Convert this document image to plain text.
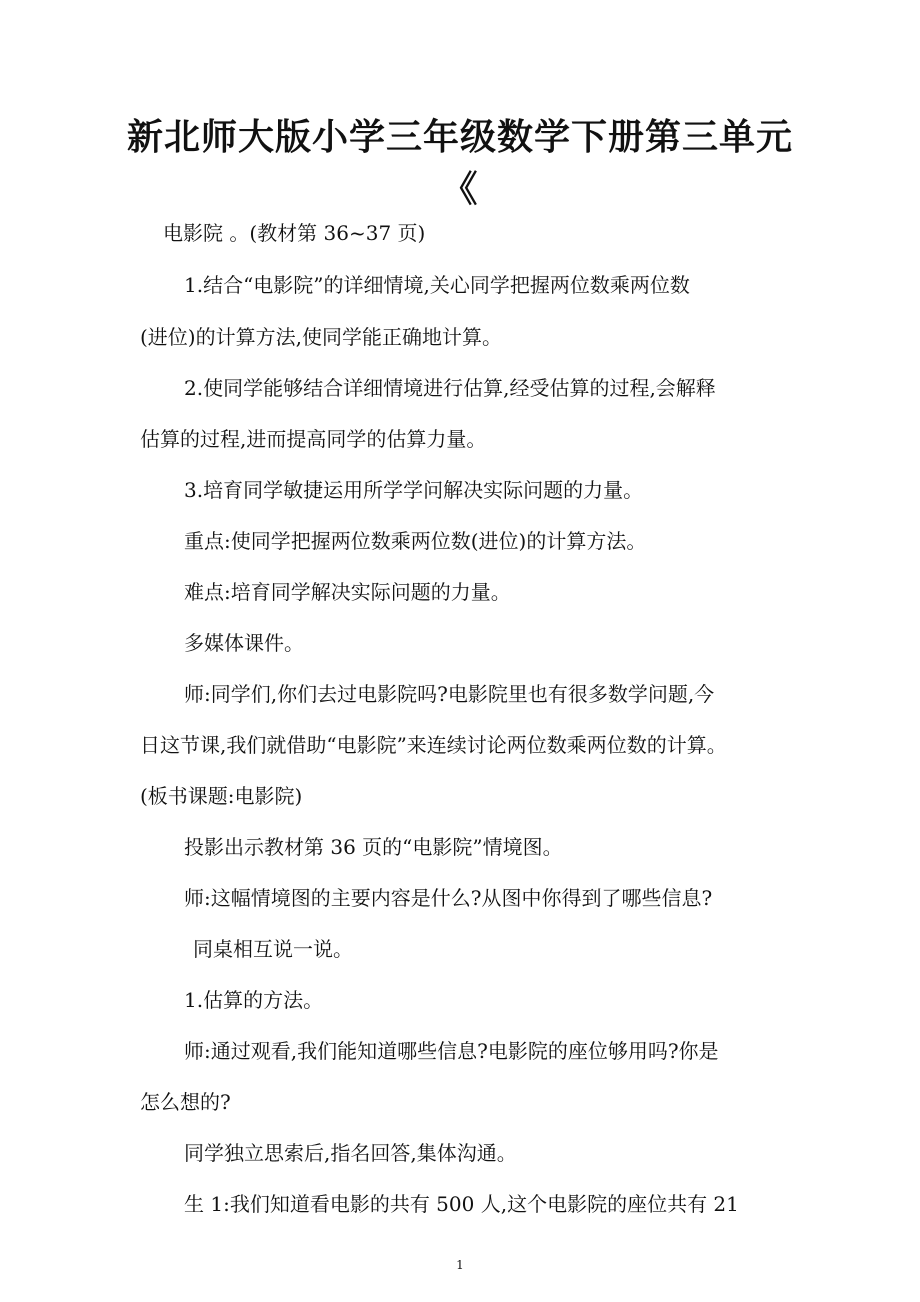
新北师大版小学三年级数学下册第三单元
《
电影院 。(教材第 36~37 页)
1.结合“电影院”的详细情境,关心同学把握两位数乘两位数
(进位)的计算方法,使同学能正确地计算。
2.使同学能够结合详细情境进行估算,经受估算的过程,会解释
估算的过程,进而提高同学的估算力量。
3.培育同学敏捷运用所学学问解决实际问题的力量。
重点:使同学把握两位数乘两位数(进位)的计算方法。
难点:培育同学解决实际问题的力量。
多媒体课件。
师:同学们,你们去过电影院吗?电影院里也有很多数学问题,今
日这节课,我们就借助“电影院”来连续讨论两位数乘两位数的计算。
(板书课题:电影院)
投影出示教材第 36 页的“电影院”情境图。
师:这幅情境图的主要内容是什么?从图中你得到了哪些信息?
同桌相互说一说。
1.估算的方法。
师:通过观看,我们能知道哪些信息?电影院的座位够用吗?你是
怎么想的?
同学独立思索后,指名回答,集体沟通。
生 1:我们知道看电影的共有 500 人,这个电影院的座位共有 21
1
